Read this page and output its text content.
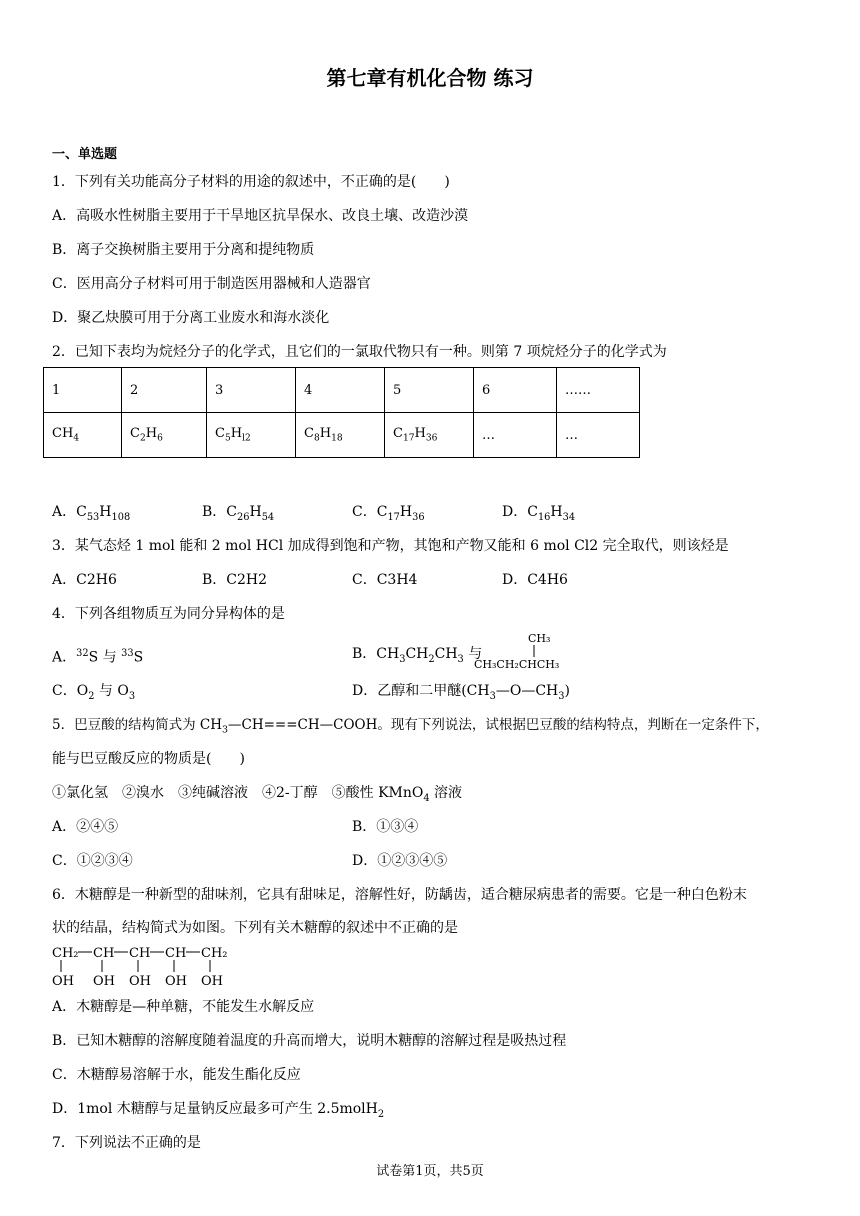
第七章有机化合物 练习
一、单选题
1．下列有关功能高分子材料的用途的叙述中，不正确的是(　　)
A．高吸水性树脂主要用于干旱地区抗旱保水、改良土壤、改造沙漠
B．离子交换树脂主要用于分离和提纯物质
C．医用高分子材料可用于制造医用器械和人造器官
D．聚乙炔膜可用于分离工业废水和海水淡化
2．已知下表均为烷烃分子的化学式，且它们的一氯取代物只有一种。则第 7 项烷烃分子的化学式为
1	2	3	4	5	6	……
$CH_4$	$C_2H_6$	$C_5H_{l2}$	$C_8H_{18}$	$C_{17}H_{36}$	…	…
A．$C_{53}H_{108}$	B．$C_{26}H_{54}$	C．$C_{17}H_{36}$	D．$C_{16}H_{34}$
3．某气态烃 1 mol 能和 2 mol HCl 加成得到饱和产物，其饱和产物又能和 6 mol Cl2 完全取代，则该烃是
A．C2H6	B．C2H2	C．C3H4	D．C4H6
4．下列各组物质互为同分异构体的是
A．$^{32}$S 与 $^{33}$S	B．$CH_3CH_2CH_3$ 与
CH₃
CH₃CH₂CHCH₃
C．$O_2$ 与 $O_3$	D．乙醇和二甲醚$(CH_3—O—CH_3)$
5．巴豆酸的结构简式为 $CH_3—CH===CH—COOH$。现有下列说法，试根据巴豆酸的结构特点，判断在一定条件下，
能与巴豆酸反应的物质是(　　)
①氯化氢　②溴水　③纯碱溶液　④2-丁醇　⑤酸性 KMnO$_4$ 溶液
A．②④⑤	B．①③④
C．①②③④	D．①②③④⑤
6．木糖醇是一种新型的甜味剂，它具有甜味足，溶解性好，防龋齿，适合糖尿病患者的需要。它是一种白色粉末
状的结晶，结构简式为如图。下列有关木糖醇的叙述中不正确的是
CH₂ CH CH CH CH₂
OH OH OH OH OH
A．木糖醇是—种单糖，不能发生水解反应
B．已知木糖醇的溶解度随着温度的升高而增大，说明木糖醇的溶解过程是吸热过程
C．木糖醇易溶解于水，能发生酯化反应
D．1mol 木糖醇与足量钠反应最多可产生 2.5molH$_2$
7．下列说法不正确的是
试卷第1页，共5页
